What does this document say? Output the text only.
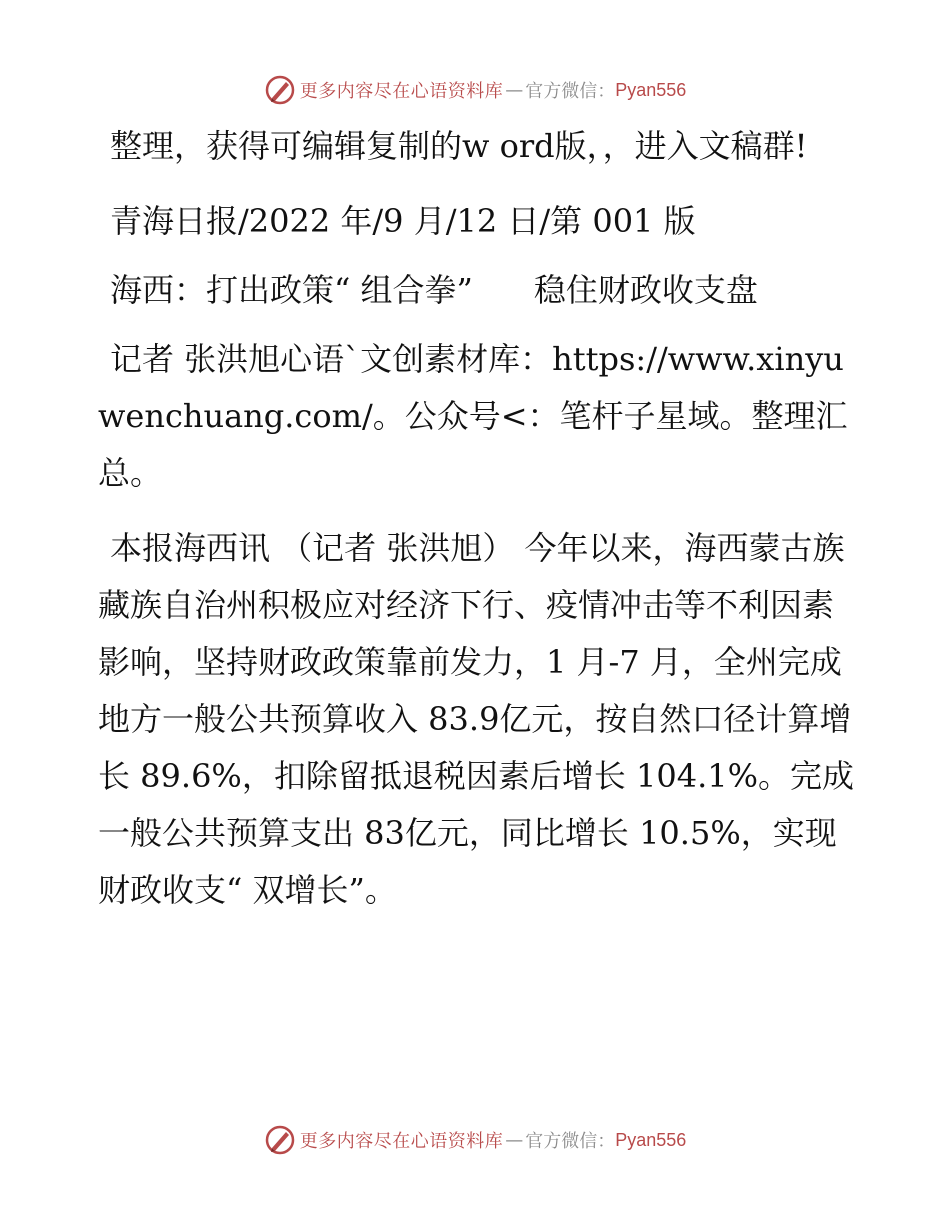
更多内容尽在心语资料库 — 官方微信： Pyan556

整理，获得可编辑复制的w ord版，，进入文稿群!

青海日报/2022 年/9 月/12 日/第 001 版

海西：打出政策“ 组合拳”      稳住财政收支盘

记者 张洪旭心语`文创素材库：https://www.xinyuwenchuang.com/。公众号<：笔杆子星域。整理汇总。

本报海西讯 （记者 张洪旭） 今年以来，海西蒙古族藏族自治州积极应对经济下行、疫情冲击等不利因素影响，坚持财政政策靠前发力，1 月-7 月，全州完成地方一般公共预算收入 83.9亿元，按自然口径计算增长 89.6%，扣除留抵退税因素后增长 104.1%。完成一般公共预算支出 83亿元，同比增长 10.5%，实现财政收支“ 双增长”。

更多内容尽在心语资料库 — 官方微信： Pyan556
